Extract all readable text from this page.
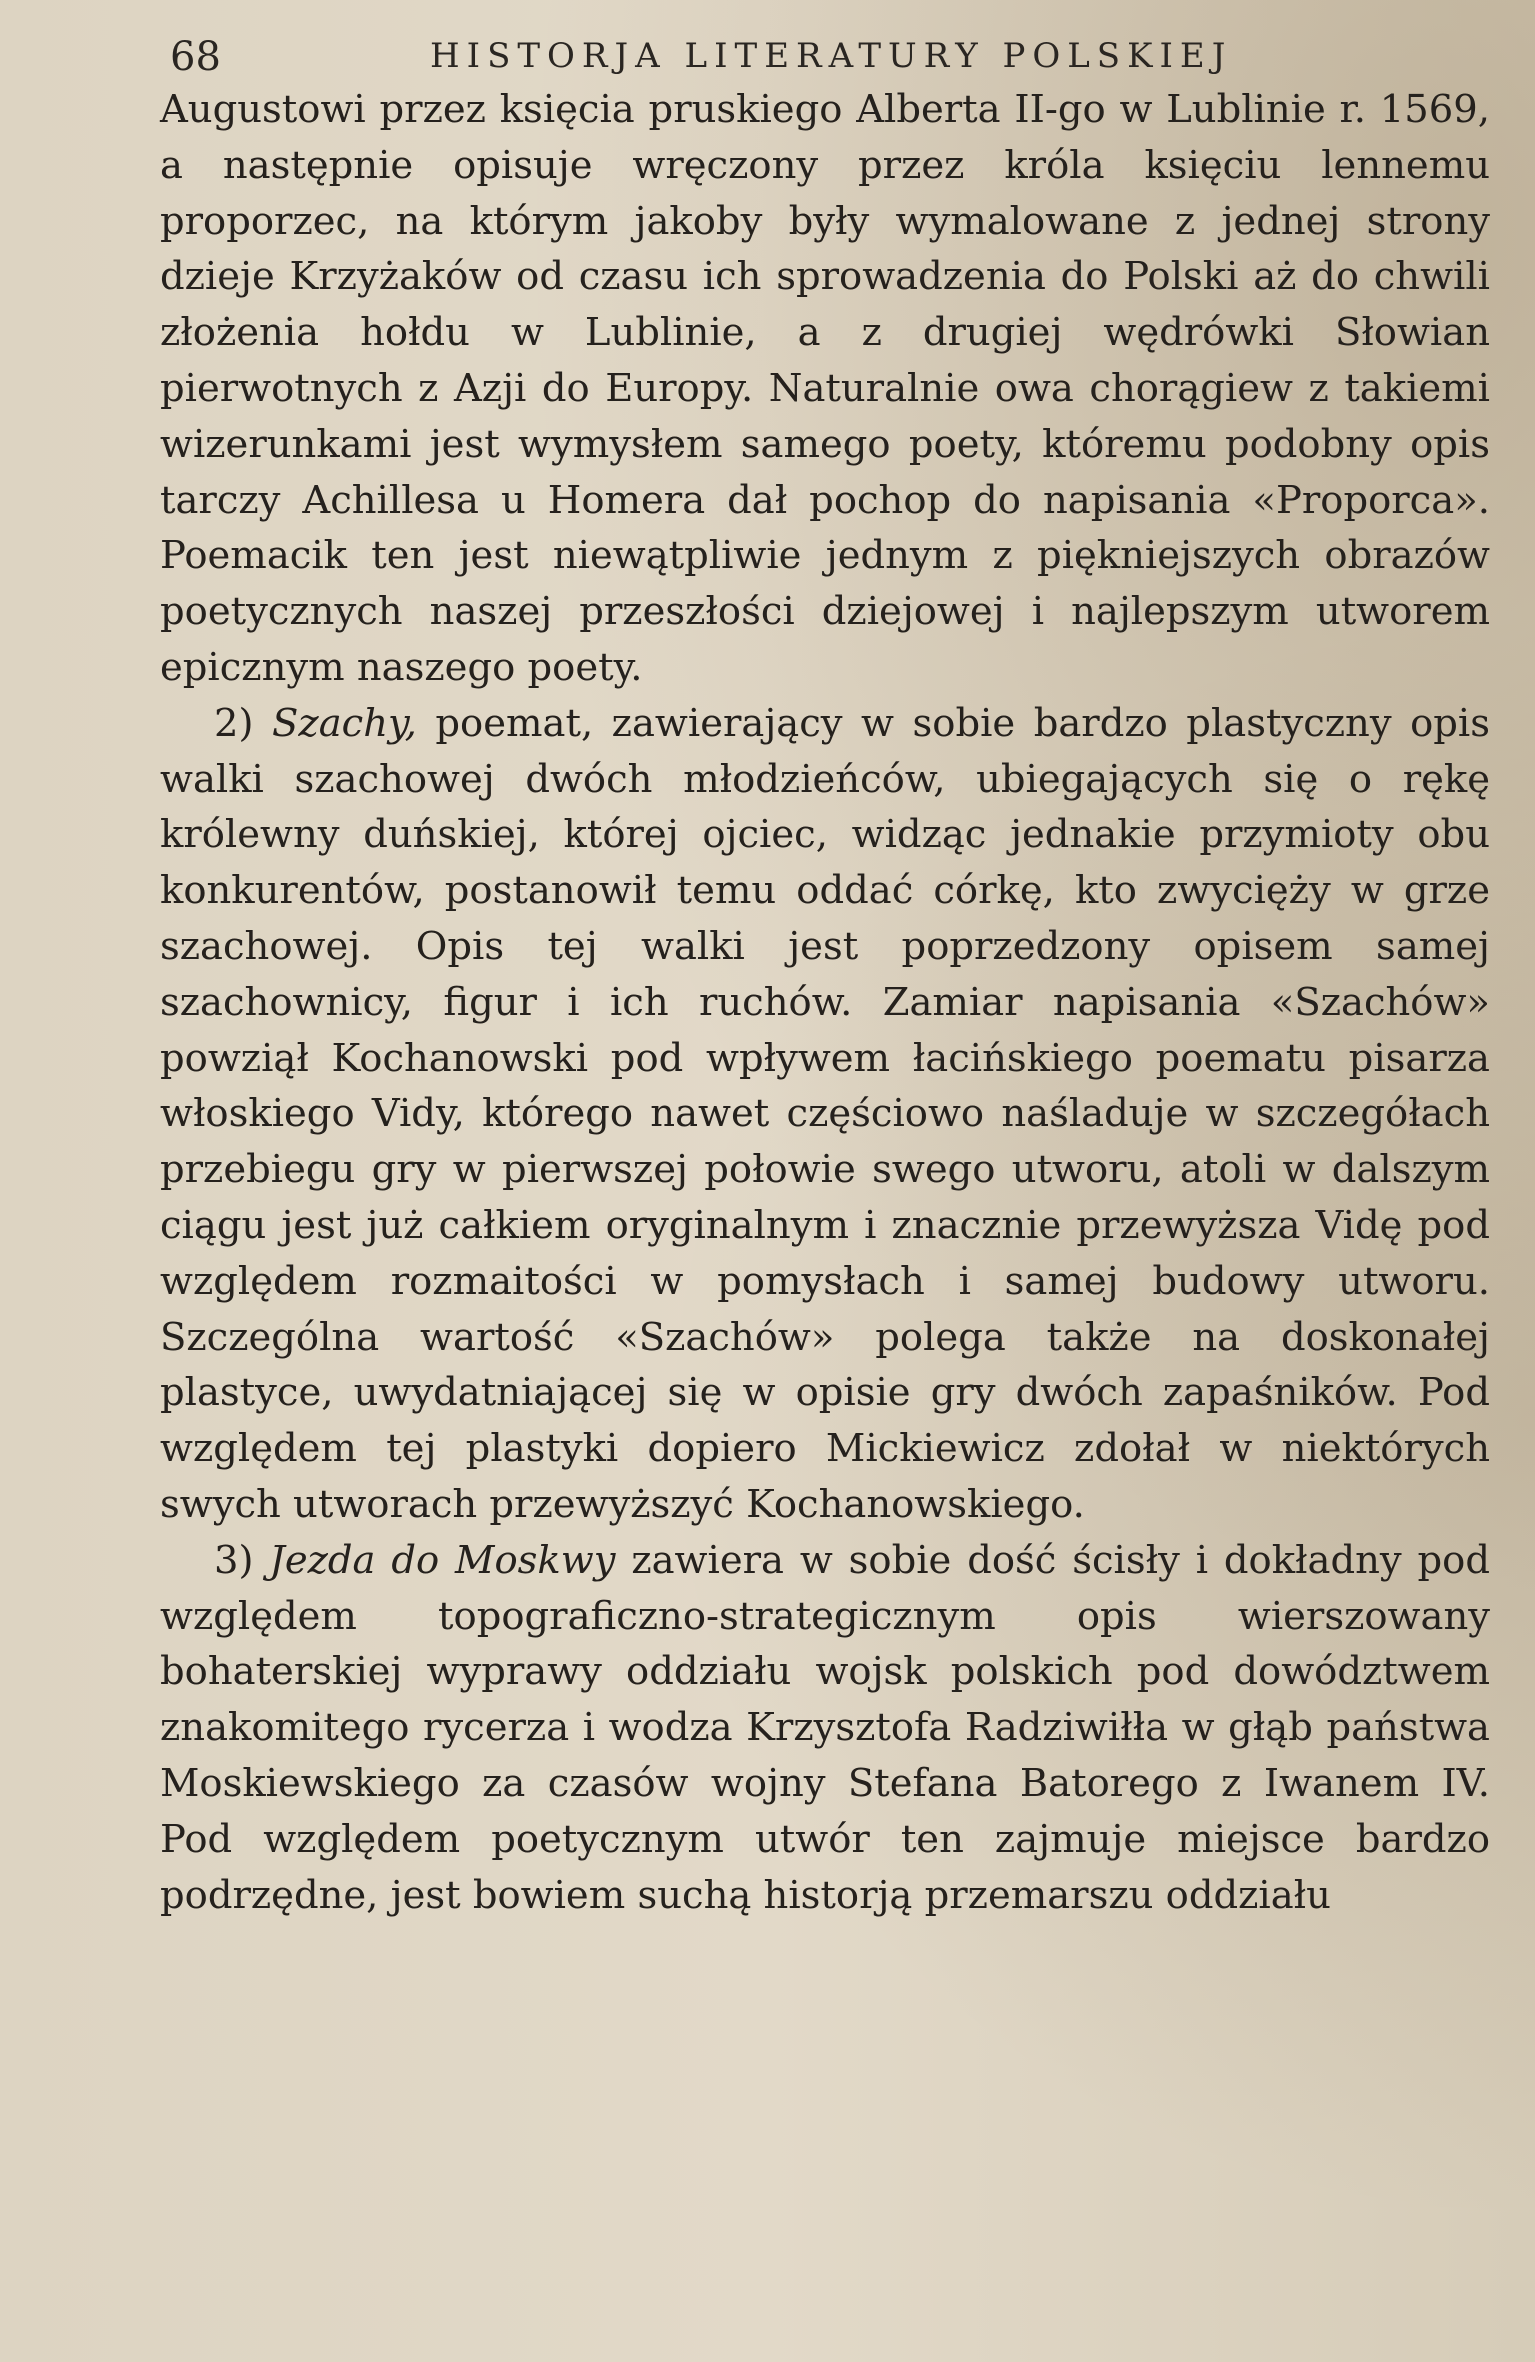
68	HISTORJA LITERATURY POLSKIEJ

Augustowi przez księcia pruskiego Alberta II-go w Lublinie r. 1569, a następnie opisuje wręczony przez króla księciu lennemu proporzec, na którym jakoby były wymalowane z jednej strony dzieje Krzyżaków od czasu ich sprowadzenia do Polski aż do chwili złożenia hołdu w Lublinie, a z drugiej wędrówki Słowian pierwotnych z Azji do Europy. Naturalnie owa chorągiew z takiemi wizerunkami jest wymysłem samego poety, któremu podobny opis tarczy Achillesa u Homera dał pochop do napisania «Proporca». Poemacik ten jest niewątpliwie jednym z piękniejszych obrazów poetycznych naszej przeszłości dziejowej i najlepszym utworem epicznym naszego poety.

2) Szachy, poemat, zawierający w sobie bardzo plastyczny opis walki szachowej dwóch młodzieńców, ubiegających się o rękę królewny duńskiej, której ojciec, widząc jednakie przymioty obu konkurentów, postanowił temu oddać córkę, kto zwycięży w grze szachowej. Opis tej walki jest poprzedzony opisem samej szachownicy, figur i ich ruchów. Zamiar napisania «Szachów» powziął Kochanowski pod wpływem łacińskiego poematu pisarza włoskiego Vidy, którego nawet częściowo naśladuje w szczegółach przebiegu gry w pierwszej połowie swego utworu, atoli w dalszym ciągu jest już całkiem oryginalnym i znacznie przewyższa Vidę pod względem rozmaitości w pomysłach i samej budowy utworu. Szczególna wartość «Szachów» polega także na doskonałej plastyce, uwydatniającej się w opisie gry dwóch zapaśników. Pod względem tej plastyki dopiero Mickiewicz zdołał w niektórych swych utworach przewyższyć Kochanowskiego.

3) Jezda do Moskwy zawiera w sobie dość ścisły i dokładny pod względem topograficzno-strategicznym opis wierszowany bohaterskiej wyprawy oddziału wojsk polskich pod dowództwem znakomitego rycerza i wodza Krzysztofa Radziwiłła w głąb państwa Moskiewskiego za czasów wojny Stefana Batorego z Iwanem IV. Pod względem poetycznym utwór ten zajmuje miejsce bardzo podrzędne, jest bowiem suchą historją przemarszu oddziału
